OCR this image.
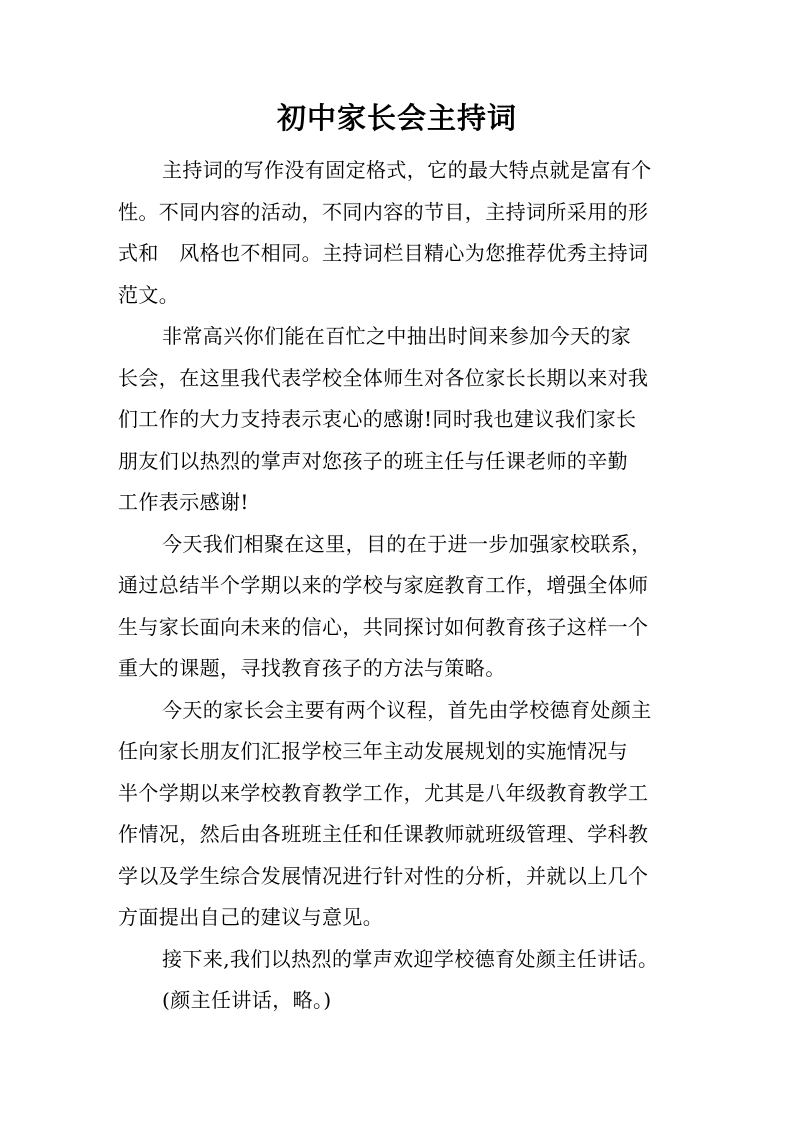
初中家长会主持词
主持词的写作没有固定格式，它的最大特点就是富有个
性。不同内容的活动，不同内容的节目，主持词所采用的形
式和　风格也不相同。主持词栏目精心为您推荐优秀主持词
范文。
非常高兴你们能在百忙之中抽出时间来参加今天的家
长会，在这里我代表学校全体师生对各位家长长期以来对我
们工作的大力支持表示衷心的感谢!同时我也建议我们家长
朋友们以热烈的掌声对您孩子的班主任与任课老师的辛勤
工作表示感谢!
今天我们相聚在这里，目的在于进一步加强家校联系，
通过总结半个学期以来的学校与家庭教育工作，增强全体师
生与家长面向未来的信心，共同探讨如何教育孩子这样一个
重大的课题，寻找教育孩子的方法与策略。
今天的家长会主要有两个议程，首先由学校德育处颜主
任向家长朋友们汇报学校三年主动发展规划的实施情况与
半个学期以来学校教育教学工作，尤其是八年级教育教学工
作情况，然后由各班班主任和任课教师就班级管理、学科教
学以及学生综合发展情况进行针对性的分析，并就以上几个
方面提出自己的建议与意见。
接下来,我们以热烈的掌声欢迎学校德育处颜主任讲话。
(颜主任讲话，略。)
